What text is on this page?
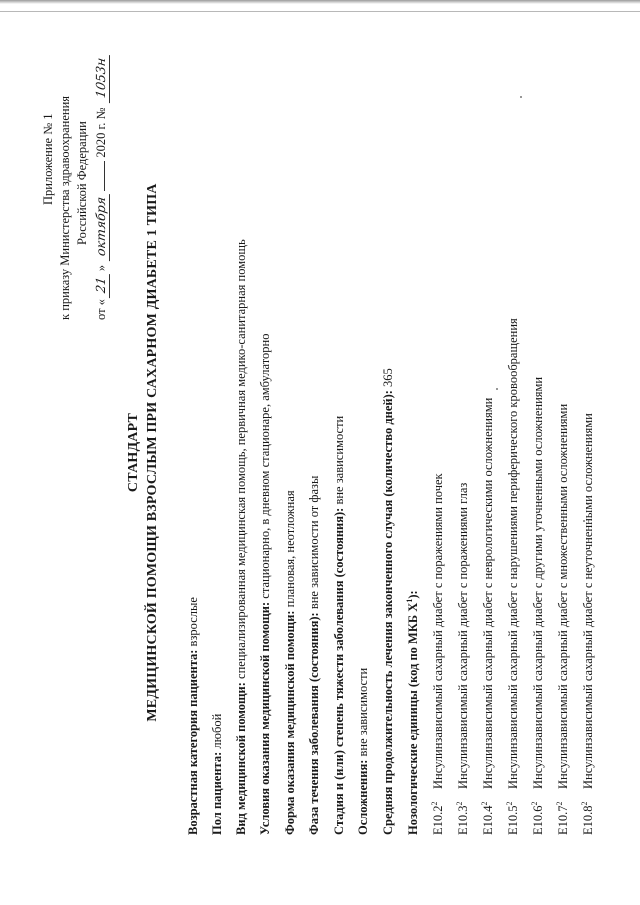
Приложение № 1 к приказу Министерства здравоохранения Российской Федерации
от «21» октября 2020 г. № 1053н
СТАНДАРТ МЕДИЦИНСКОЙ ПОМОЩИ ВЗРОСЛЫМ ПРИ САХАРНОМ ДИАБЕТЕ 1 ТИПА
Возрастная категория пациента: взрослые
Пол пациента: любой Вид медицинской помощи: специализированная медицинская помощь, первичная медико-санитарная помощь
Условия оказания медицинской помощи: стационарно, в дневном стационаре, амбулаторно
Форма оказания медицинской помощи: плановая, неотложная
Фаза течения заболевания (состояния): вне зависимости от фазы Стадия и (или) степень тяжести заболевания (состояния): вне зависимости
Осложнения: вне зависимости Средняя продолжительность лечения законченного случая (количество дней): 365
Нозологические единицы (код по МКБ $X^1$):
E10.2$^2$Инсулинзависимый сахарный диабет с поражениями почек
E10.3$^2$Инсулинзависимый сахарный диабет с поражениями глаз
E10.4$^2$Инсулинзависимый сахарный диабет с неврологическими осложнениями
E10.5$^2$Инсулинзависимый сахарный диабет с нарушениями периферического кровообращения
E10.6$^2$Инсулинзависимый сахарный диабет с другими уточненными осложнениями
E10.7$^2$Инсулинзависимый сахарный диабет с множественными осложнениями
E10.8$^2$Инсулинзависимый сахарный диабет с неуточненными осложнениями
